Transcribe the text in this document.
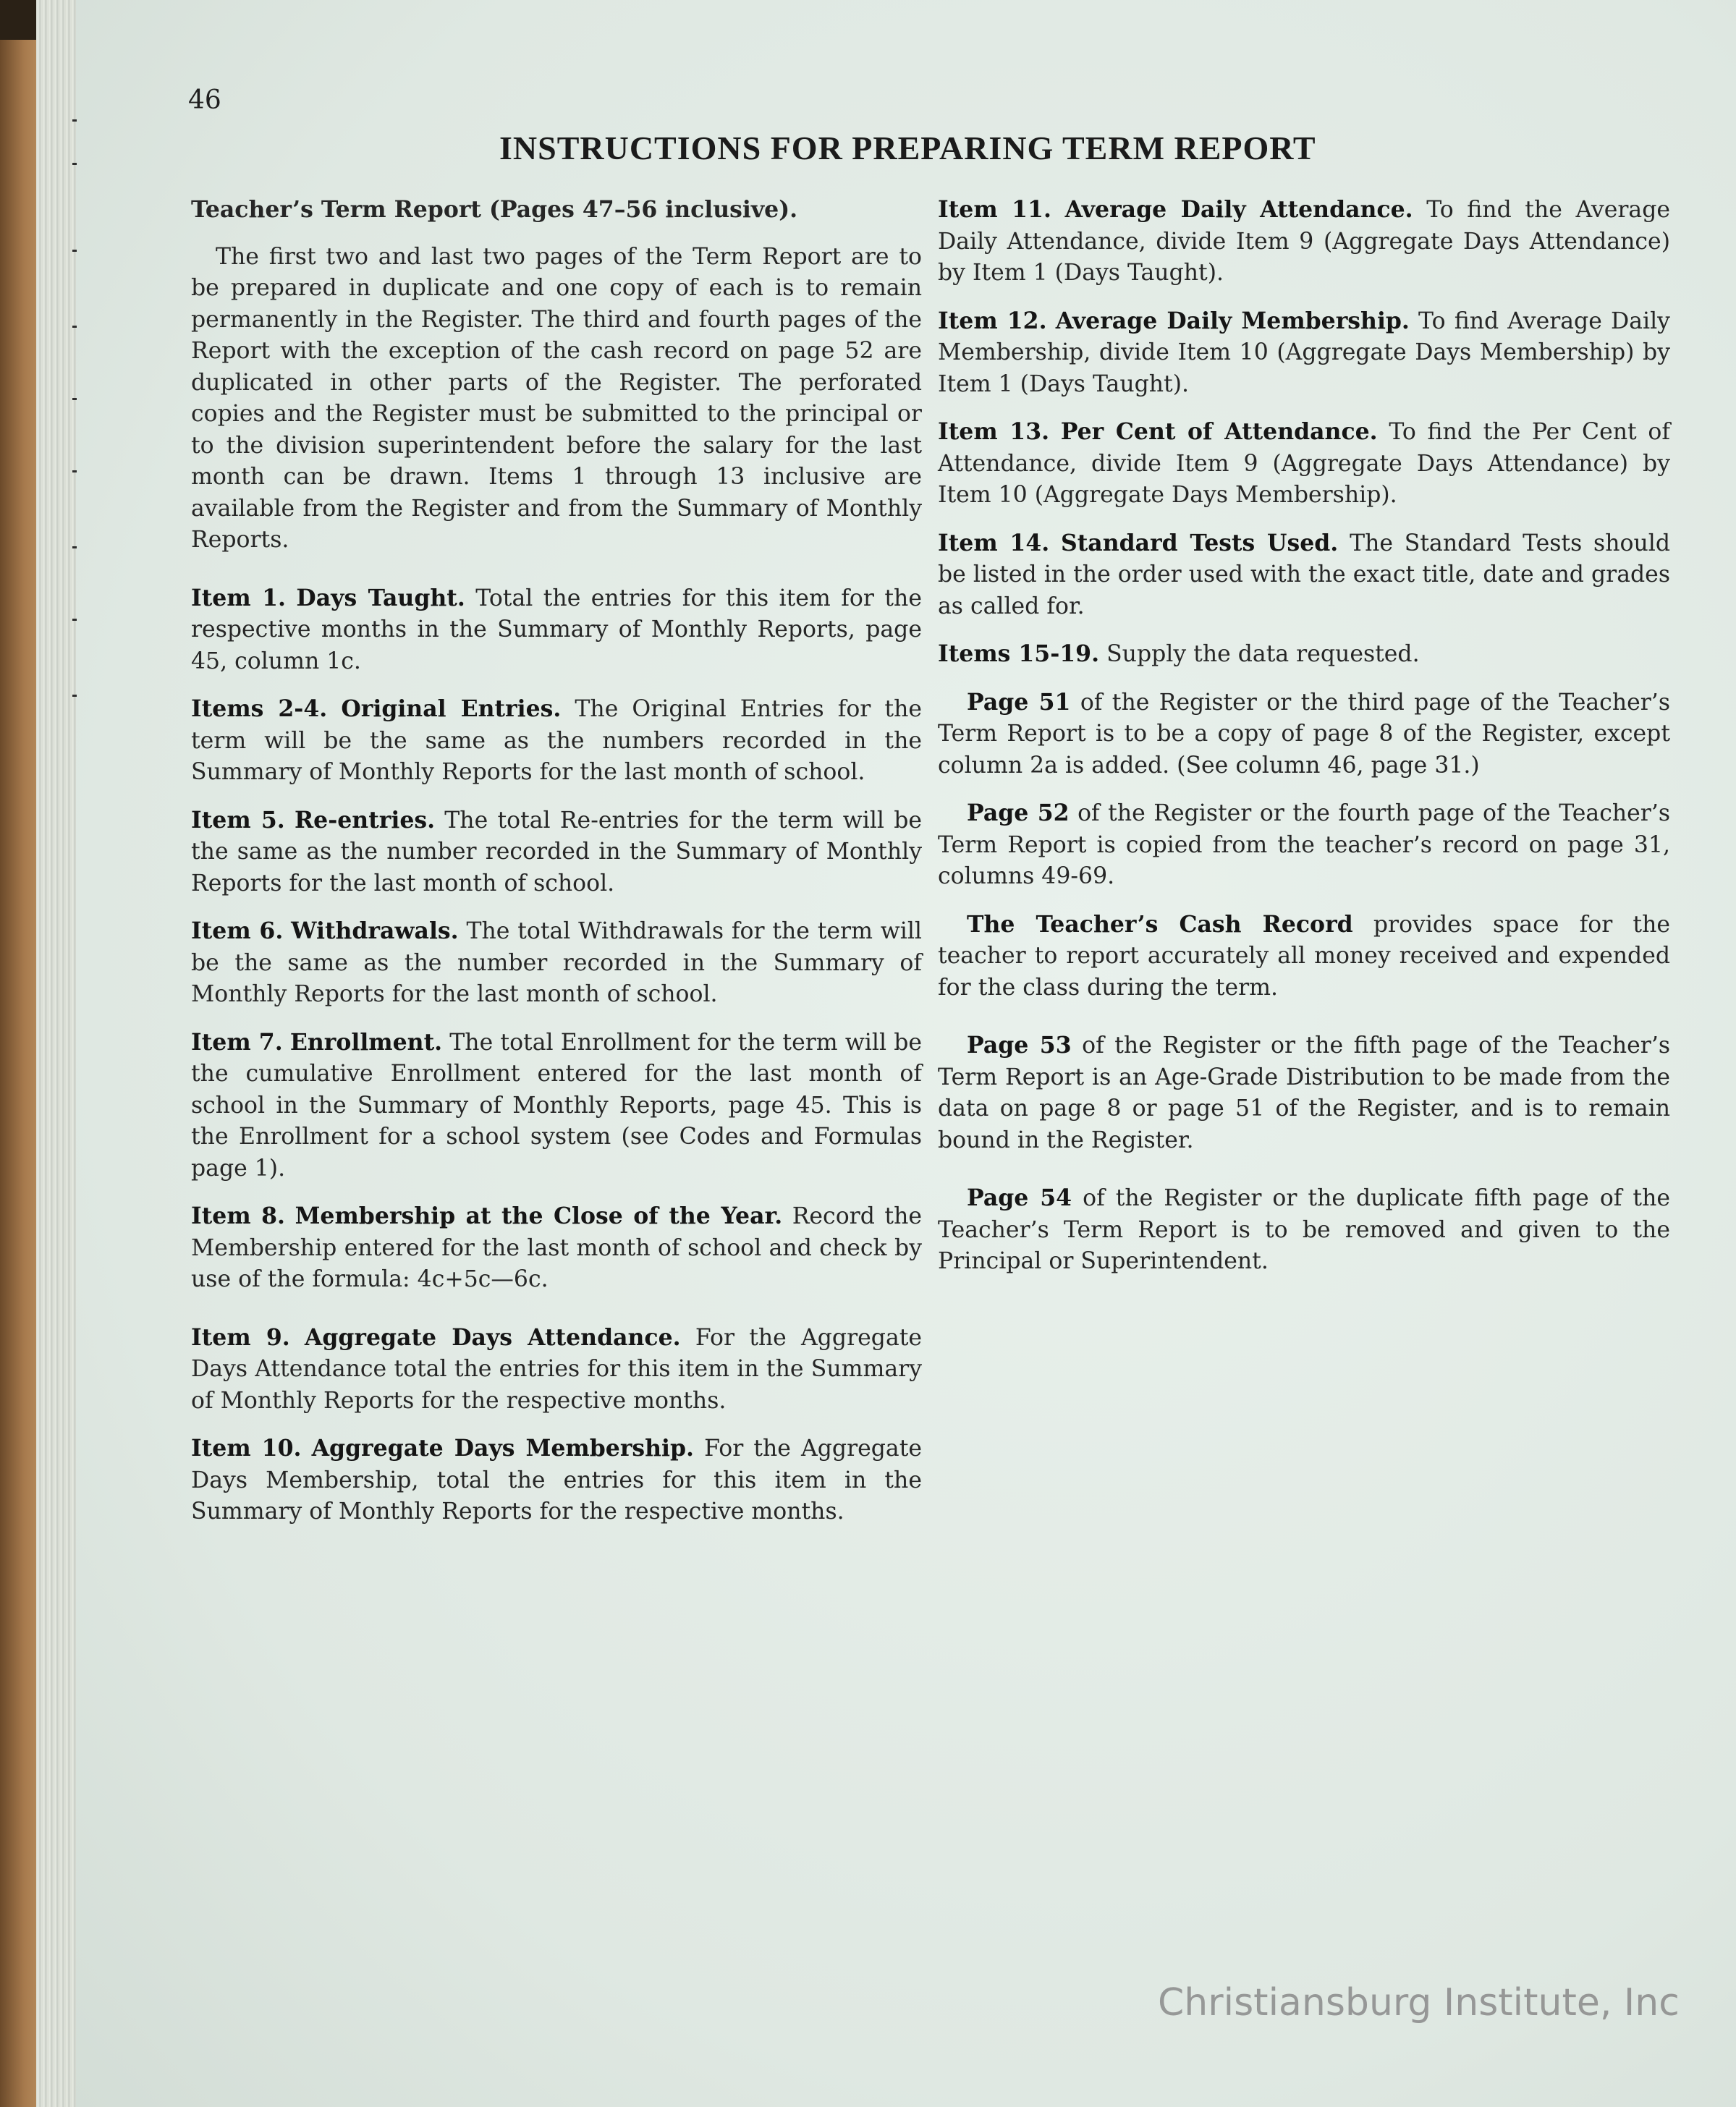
46
INSTRUCTIONS FOR PREPARING TERM REPORT
Teacher’s Term Report (Pages 47–56 inclusive).

The first two and last two pages of the Term Report are to be prepared in duplicate and one copy of each is to remain permanently in the Register. The third and fourth pages of the Report with the exception of the cash record on page 52 are duplicated in other parts of the Register. The perforated copies and the Register must be submitted to the principal or to the division superintendent before the salary for the last month can be drawn. Items 1 through 13 inclusive are available from the Register and from the Summary of Monthly Reports.

Item 1. Days Taught. Total the entries for this item for the respective months in the Summary of Monthly Reports, page 45, column 1c.

Items 2-4. Original Entries. The Original Entries for the term will be the same as the numbers recorded in the Summary of Monthly Reports for the last month of school.

Item 5. Re-entries. The total Re-entries for the term will be the same as the number recorded in the Summary of Monthly Reports for the last month of school.

Item 6. Withdrawals. The total Withdrawals for the term will be the same as the number recorded in the Summary of Monthly Reports for the last month of school.

Item 7. Enrollment. The total Enrollment for the term will be the cumulative Enrollment entered for the last month of school in the Summary of Monthly Reports, page 45. This is the Enrollment for a school system (see Codes and Formulas page 1).

Item 8. Membership at the Close of the Year. Record the Membership entered for the last month of school and check by use of the formula: 4c+5c—6c.

Item 9. Aggregate Days Attendance. For the Aggregate Days Attendance total the entries for this item in the Summary of Monthly Reports for the respective months.

Item 10. Aggregate Days Membership. For the Aggregate Days Membership, total the entries for this item in the Summary of Monthly Reports for the respective months.

Item 11. Average Daily Attendance. To find the Average Daily Attendance, divide Item 9 (Aggregate Days Attendance) by Item 1 (Days Taught).

Item 12. Average Daily Membership. To find Average Daily Membership, divide Item 10 (Aggregate Days Membership) by Item 1 (Days Taught).

Item 13. Per Cent of Attendance. To find the Per Cent of Attendance, divide Item 9 (Aggregate Days Attendance) by Item 10 (Aggregate Days Membership).

Item 14. Standard Tests Used. The Standard Tests should be listed in the order used with the exact title, date and grades as called for.

Items 15-19. Supply the data requested.

Page 51 of the Register or the third page of the Teacher’s Term Report is to be a copy of page 8 of the Register, except column 2a is added. (See column 46, page 31.)

Page 52 of the Register or the fourth page of the Teacher’s Term Report is copied from the teacher’s record on page 31, columns 49-69.

The Teacher’s Cash Record provides space for the teacher to report accurately all money received and expended for the class during the term.

Page 53 of the Register or the fifth page of the Teacher’s Term Report is an Age-Grade Distribution to be made from the data on page 8 or page 51 of the Register, and is to remain bound in the Register.

Page 54 of the Register or the duplicate fifth page of the Teacher’s Term Report is to be removed and given to the Principal or Superintendent.

Christiansburg Institute, Inc
